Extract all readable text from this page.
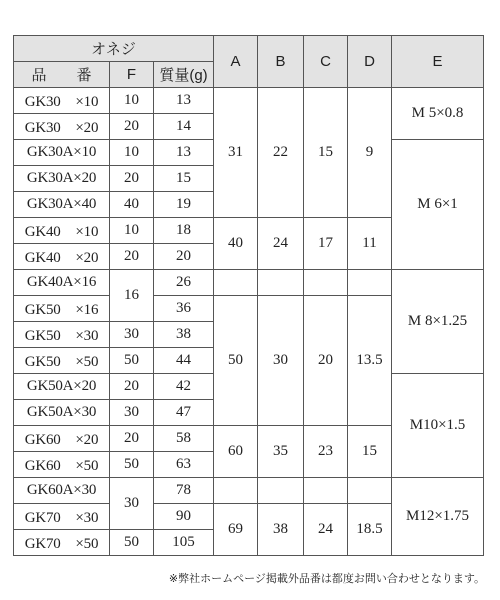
オネジ			A	B	C	D	E
品　　番	F	質量(g)					
GK30　×10	10	13	31	22	15	9	M 5×0.8
GK30　×20	20	14					
GK30A×10	10	13					M 6×1
GK30A×20	20	15					
GK30A×40	40	19					
GK40　×10	10	18	40	24	17	11	
GK40　×20	20	20					
GK40A×16	16	26					M 8×1.25
GK50　×16		36	50	30	20	13.5	
GK50　×30	30	38					
GK50　×50	50	44					
GK50A×20	20	42					M10×1.5
GK50A×30	30	47					
GK60　×20	20	58	60	35	23	15	
GK60　×50	50	63					
GK60A×30	30	78					M12×1.75
GK70　×30		90	69	38	24	18.5	
GK70　×50	50	105					
※弊社ホームページ掲載外品番は都度お問い合わせとなります。
